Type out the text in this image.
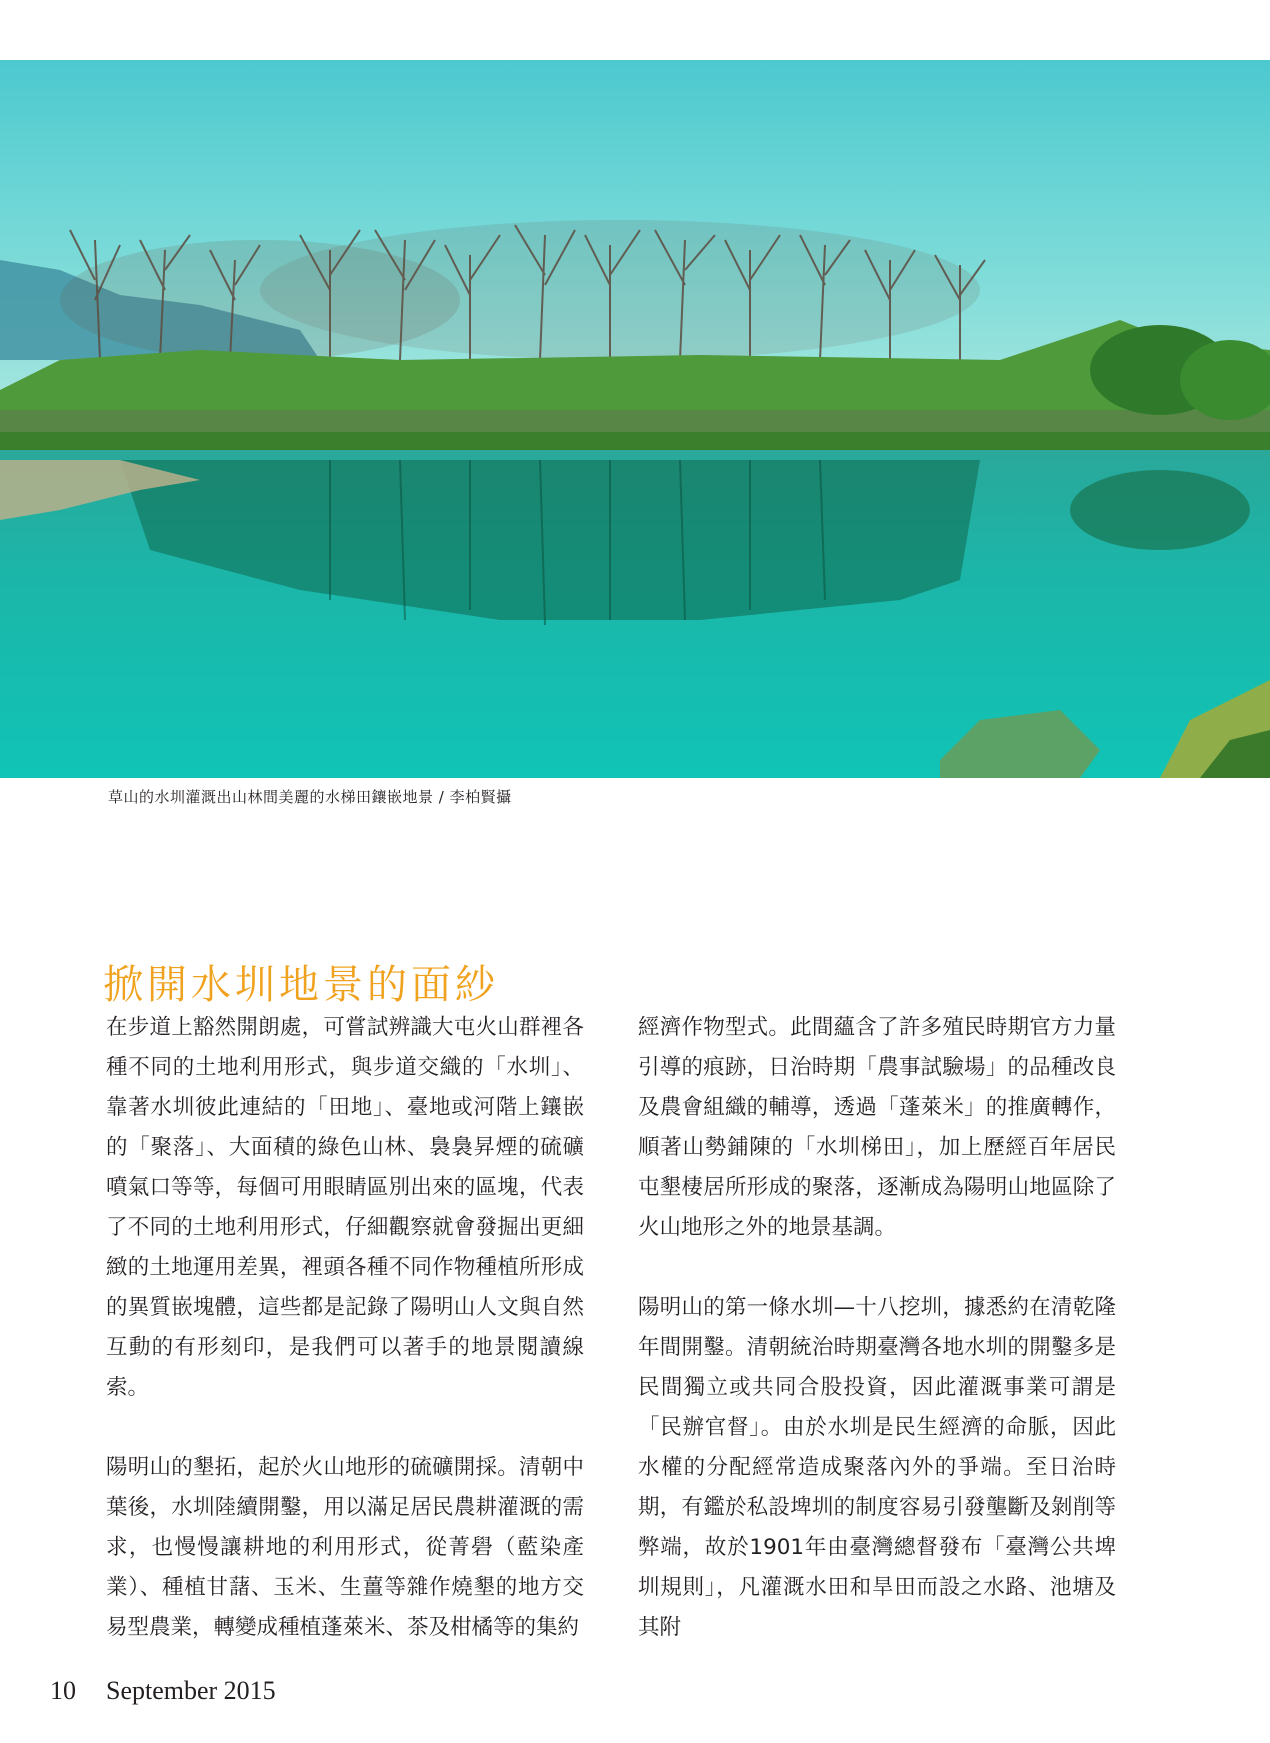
草山的水圳灌溉出山林間美麗的水梯田鑲嵌地景 / 李柏賢攝
掀開水圳地景的面紗

在步道上豁然開朗處，可嘗試辨識大屯火山群裡各種不同的土地利用形式，與步道交織的「水圳」、靠著水圳彼此連結的「田地」、臺地或河階上鑲嵌的「聚落」、大面積的綠色山林、裊裊昇煙的硫礦噴氣口等等，每個可用眼睛區別出來的區塊，代表了不同的土地利用形式，仔細觀察就會發掘出更細緻的土地運用差異，裡頭各種不同作物種植所形成的異質嵌塊體，這些都是記錄了陽明山人文與自然互動的有形刻印，是我們可以著手的地景閱讀線索。

陽明山的墾拓，起於火山地形的硫礦開採。清朝中葉後，水圳陸續開鑿，用以滿足居民農耕灌溉的需求，也慢慢讓耕地的利用形式，從菁礐（藍染產業）、種植甘藷、玉米、生薑等雜作燒墾的地方交易型農業，轉變成種植蓬萊米、茶及柑橘等的集約

經濟作物型式。此間蘊含了許多殖民時期官方力量引導的痕跡，日治時期「農事試驗場」的品種改良及農會組織的輔導，透過「蓬萊米」的推廣轉作，順著山勢鋪陳的「水圳梯田」，加上歷經百年居民屯墾棲居所形成的聚落，逐漸成為陽明山地區除了火山地形之外的地景基調。

陽明山的第一條水圳—十八挖圳，據悉約在清乾隆年間開鑿。清朝統治時期臺灣各地水圳的開鑿多是民間獨立或共同合股投資，因此灌溉事業可謂是「民辦官督」。由於水圳是民生經濟的命脈，因此水權的分配經常造成聚落內外的爭端。至日治時期，有鑑於私設埤圳的制度容易引發壟斷及剝削等弊端，故於1901年由臺灣總督發布「臺灣公共埤圳規則」，凡灌溉水田和旱田而設之水路、池塘及其附

10 September 2015
